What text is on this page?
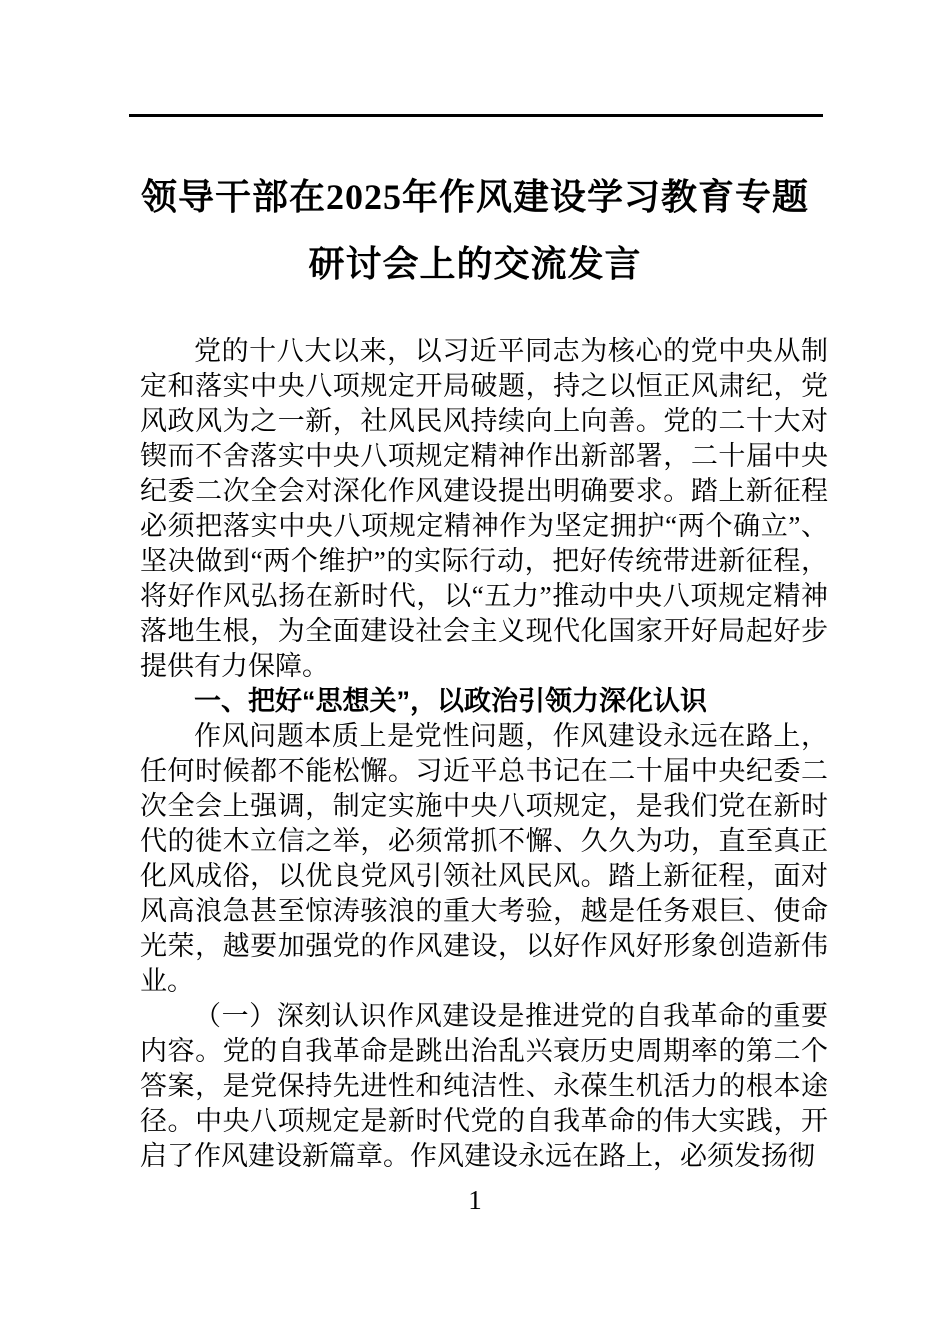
领导干部在2025年作风建设学习教育专题
研讨会上的交流发言

党的十八大以来，以习近平同志为核心的党中央从制定和落实中央八项规定开局破题，持之以恒正风肃纪，党风政风为之一新，社风民风持续向上向善。党的二十大对锲而不舍落实中央八项规定精神作出新部署，二十届中央纪委二次全会对深化作风建设提出明确要求。踏上新征程必须把落实中央八项规定精神作为坚定拥护“两个确立”、坚决做到“两个维护”的实际行动，把好传统带进新征程，将好作风弘扬在新时代，以“五力”推动中央八项规定精神落地生根，为全面建设社会主义现代化国家开好局起好步提供有力保障。

一、把好“思想关”，以政治引领力深化认识

作风问题本质上是党性问题，作风建设永远在路上，任何时候都不能松懈。习近平总书记在二十届中央纪委二次全会上强调，制定实施中央八项规定，是我们党在新时代的徙木立信之举，必须常抓不懈、久久为功，直至真正化风成俗，以优良党风引领社风民风。踏上新征程，面对风高浪急甚至惊涛骇浪的重大考验，越是任务艰巨、使命光荣，越要加强党的作风建设，以好作风好形象创造新伟业。

（一）深刻认识作风建设是推进党的自我革命的重要内容。党的自我革命是跳出治乱兴衰历史周期率的第二个答案，是党保持先进性和纯洁性、永葆生机活力的根本途径。中央八项规定是新时代党的自我革命的伟大实践，开启了作风建设新篇章。作风建设永远在路上，必须发扬彻

1
